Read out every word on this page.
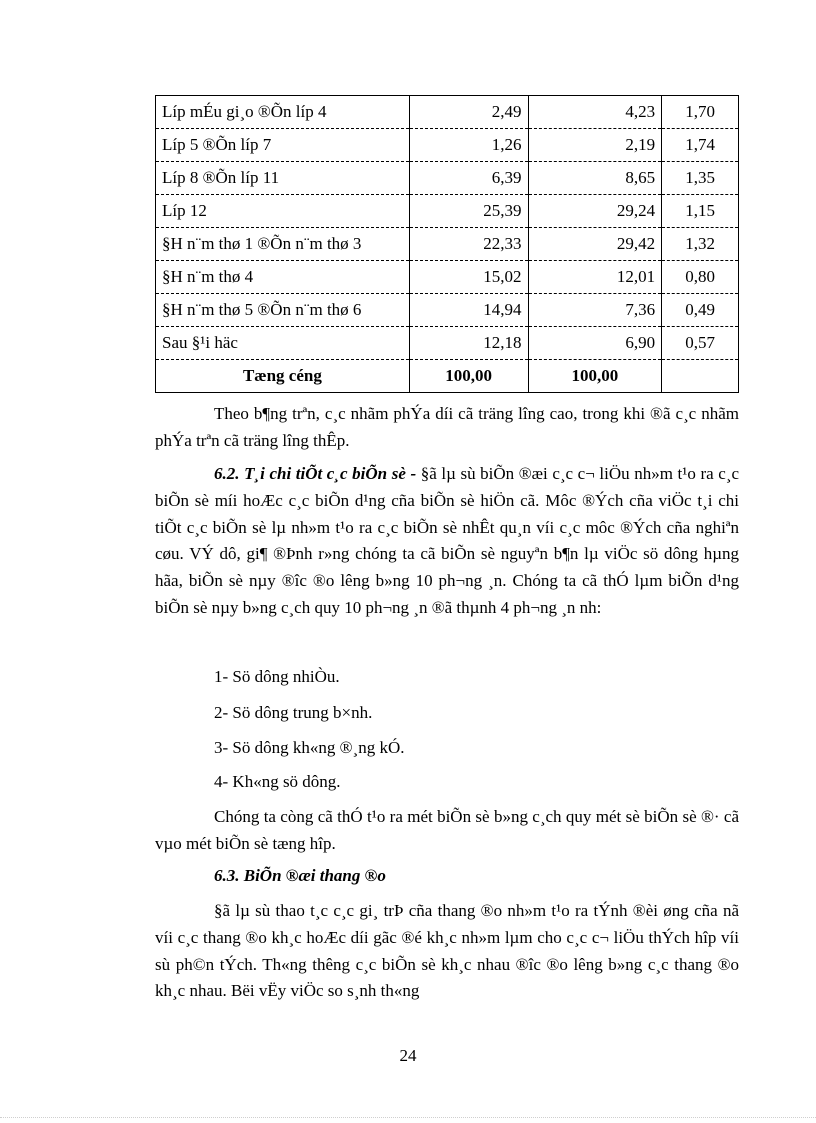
Líp mÉu gi¸o ®Õn líp 4	2,49	4,23	1,70
Líp 5 ®Õn líp 7	1,26	2,19	1,74
Líp 8 ®Õn líp 11	6,39	8,65	1,35
Líp 12	25,39	29,24	1,15
§H n¨m thø 1 ®Õn n¨m thø 3	22,33	29,42	1,32
§H n¨m thø 4	15,02	12,01	0,80
§H n¨m thø 5 ®Õn n¨m thø 6	14,94	7,36	0,49
Sau §¹i häc	12,18	6,90	0,57
Tæng céng	100,00	100,00	

Theo b¶ng trªn, c¸c nhãm phÝa díi cã träng lîng cao, trong khi ®ã c¸c nhãm phÝa trªn cã träng lîng thÊp.

6.2. T¸i chi tiÕt c¸c biÕn sè - §ã lµ sù biÕn ®æi c¸c c¬ liÖu nh»m t¹o ra c¸c biÕn sè míi hoÆc c¸c biÕn d¹ng cña biÕn sè hiÖn cã. Môc ®Ých cña viÖc t¸i chi tiÕt c¸c biÕn sè lµ nh»m t¹o ra c¸c biÕn sè nhÊt qu¸n víi c¸c môc ®Ých cña nghiªn cøu. VÝ dô, gi¶ ®Þnh r»ng chóng ta cã biÕn sè nguyªn b¶n lµ viÖc sö dông hµng hãa, biÕn sè nµy ®îc ®o lêng b»ng 10 ph¬ng ¸n. Chóng ta cã thÓ lµm biÕn d¹ng biÕn sè nµy b»ng c¸ch quy 10 ph¬ng ¸n ®ã thµnh 4 ph¬ng ¸n nh:

1- Sö dông nhiÒu.
2- Sö dông trung b×nh.
3- Sö dông kh«ng ®¸ng kÓ.
4- Kh«ng sö dông.

Chóng ta còng cã thÓ t¹o ra mét biÕn sè b»ng c¸ch quy mét sè biÕn sè ®· cã vµo mét biÕn sè tæng hîp.

6.3. BiÕn ®æi thang ®o

§ã lµ sù thao t¸c c¸c gi¸ trÞ cña thang ®o nh»m t¹o ra tÝnh ®èi øng cña nã víi c¸c thang ®o kh¸c hoÆc díi gãc ®é kh¸c nh»m lµm cho c¸c c¬ liÖu thÝch hîp víi sù ph©n tÝch. Th«ng thêng c¸c biÕn sè kh¸c nhau ®îc ®o lêng b»ng c¸c thang ®o kh¸c nhau. Bëi vËy viÖc so s¸nh th«ng

24
